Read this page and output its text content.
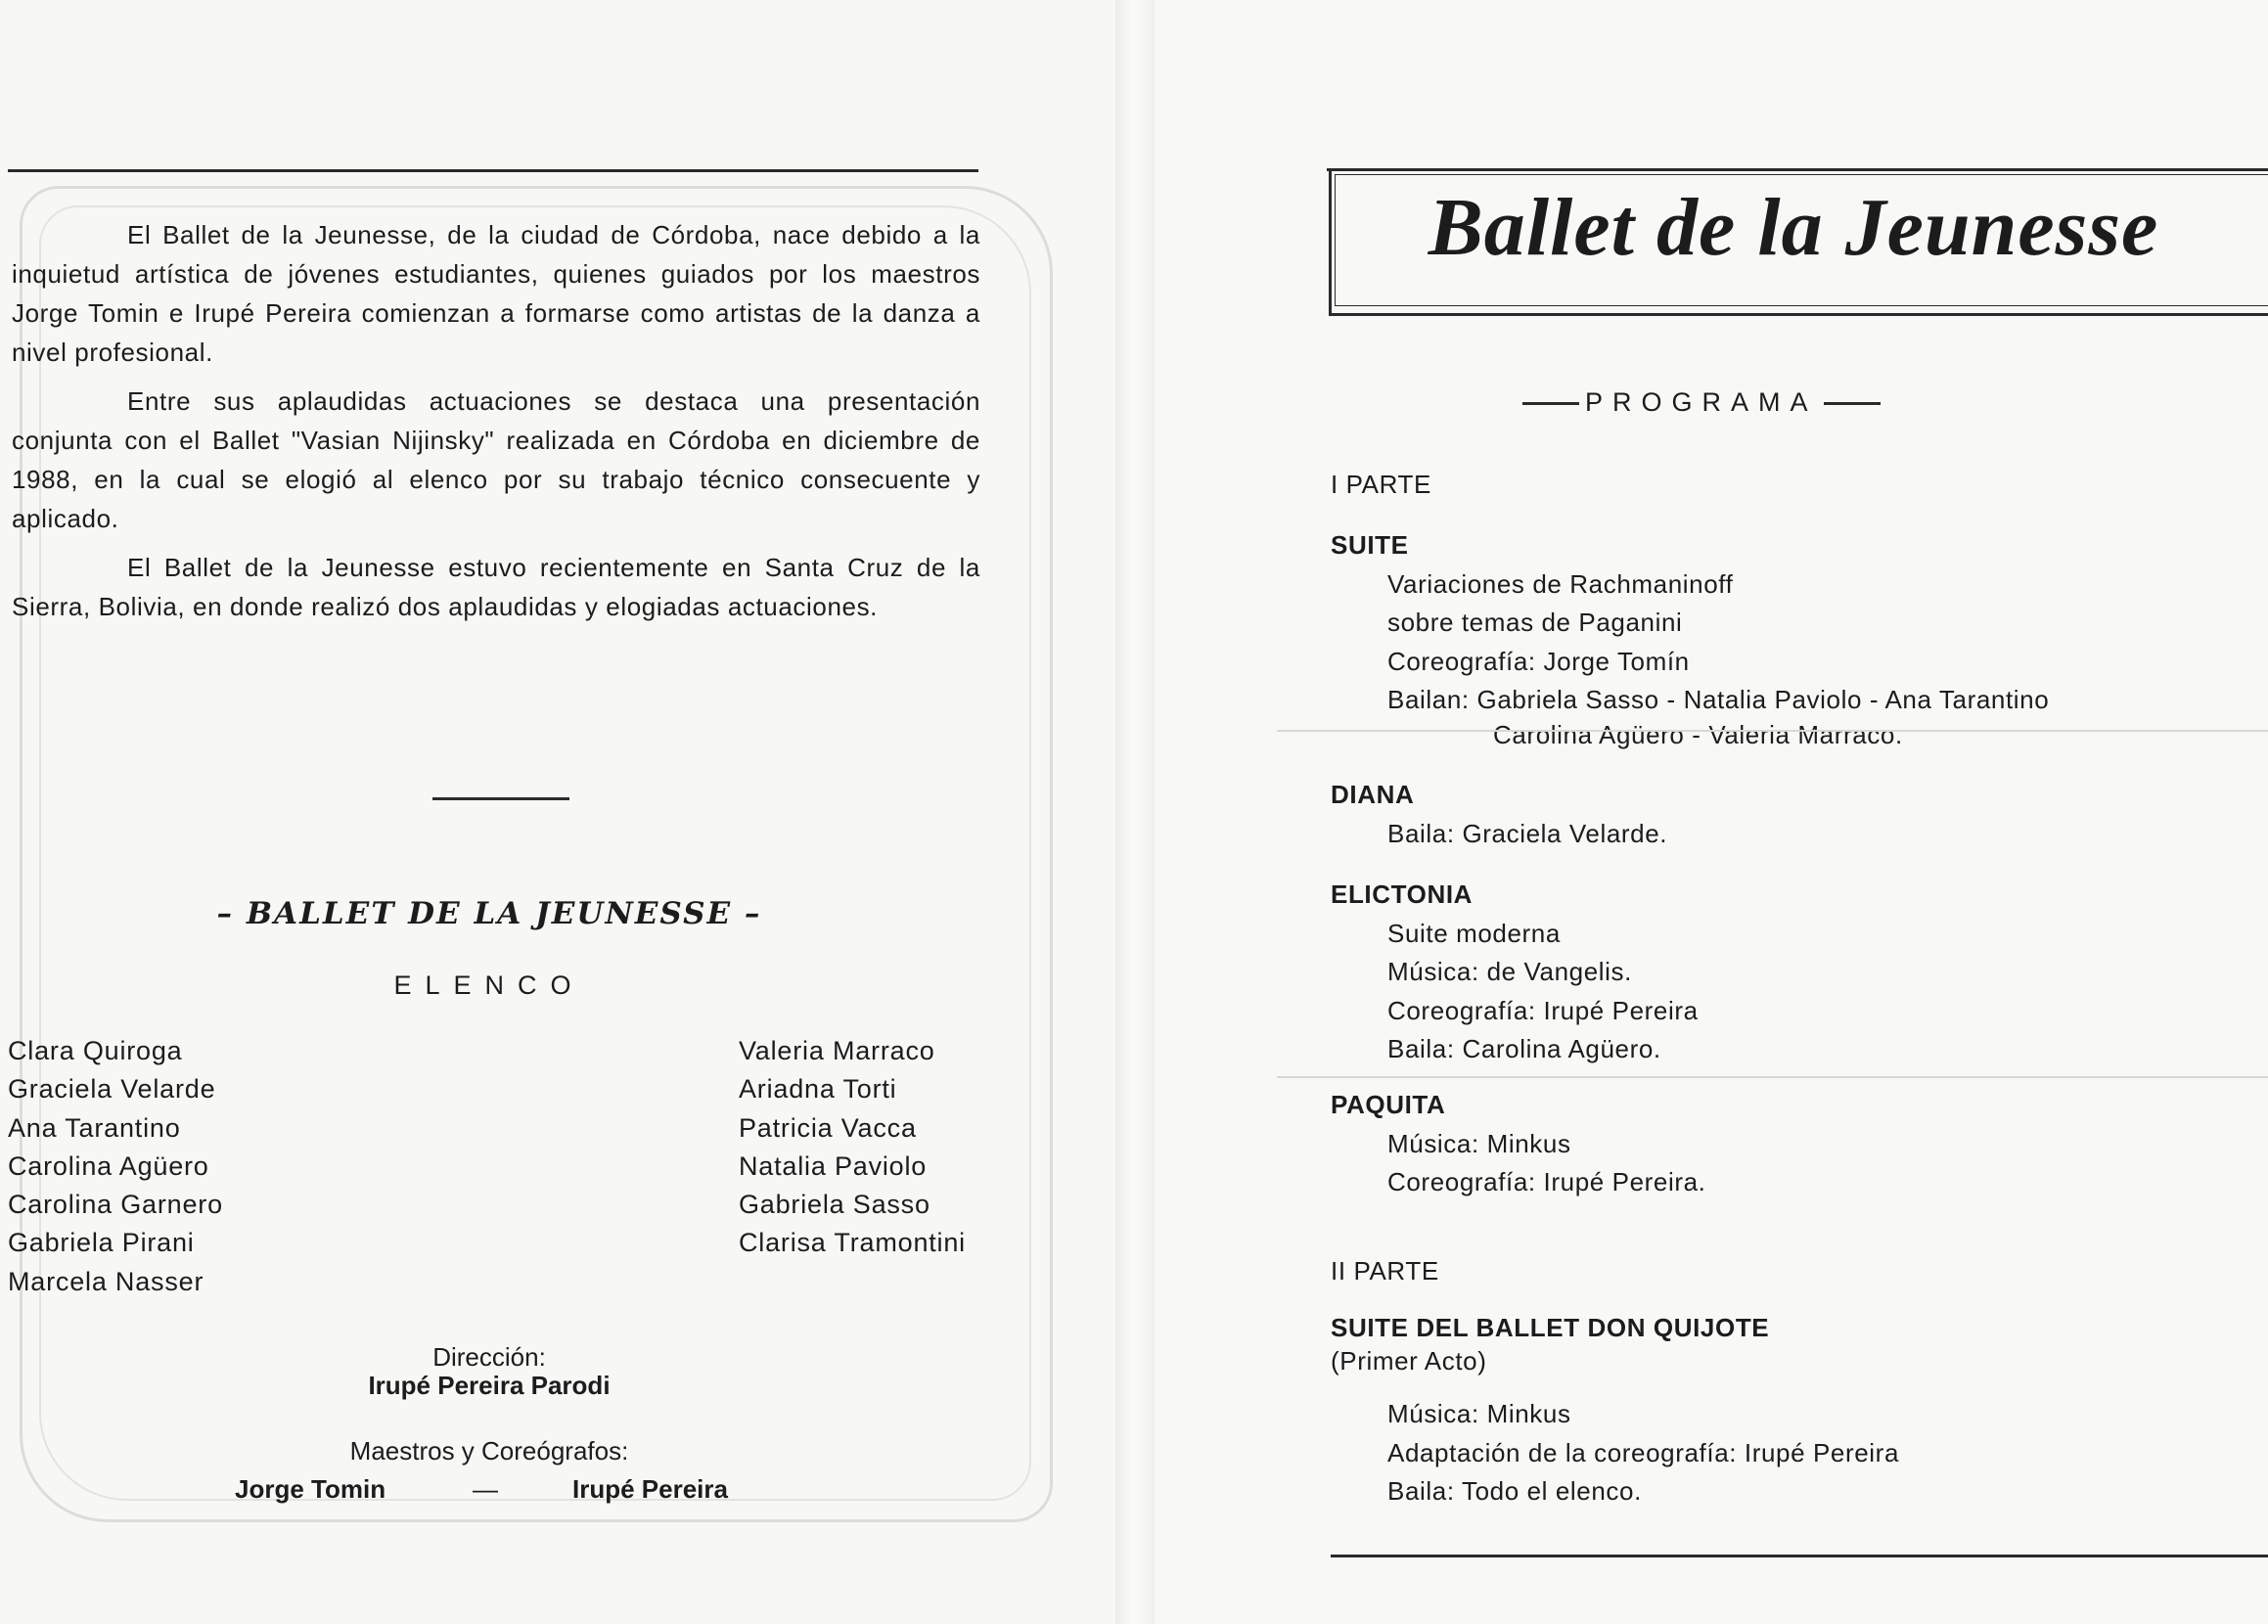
El Ballet de la Jeunesse, de la ciudad de Córdoba, nace debido a la inquietud artística de jóvenes estudiantes, quienes guiados por los maestros Jorge Tomin e Irupé Pereira comienzan a formarse como artistas de la danza a nivel profesional.

Entre sus aplaudidas actuaciones se destaca una presentación conjunta con el Ballet "Vasian Nijinsky" realizada en Córdoba en diciembre de 1988, en la cual se elogió al elenco por su trabajo técnico consecuente y aplicado.

El Ballet de la Jeunesse estuvo recientemente en Santa Cruz de la Sierra, Bolivia, en donde realizó dos aplaudidas y elogiadas actuaciones.

– BALLET DE LA JEUNESSE –
ELENCO
Clara Quiroga
Graciela Velarde
Ana Tarantino
Carolina Agüero
Carolina Garnero
Gabriela Pirani
Marcela Nasser
Valeria Marraco
Ariadna Torti
Patricia Vacca
Natalia Paviolo
Gabriela Sasso
Clarisa Tramontini
Dirección:
Irupé Pereira Parodi
Maestros y Coreógrafos:
Jorge Tomin	—	Irupé Pereira
Ballet de la Jeunesse
PROGRAMA

I PARTE

SUITE

Variaciones de Rachmaninoff

sobre temas de Paganini

Coreografía: Jorge Tomín

Bailan: Gabriela Sasso - Natalia Paviolo - Ana Tarantino

Carolina Agüero - Valeria Marraco.

DIANA

Baila: Graciela Velarde.

ELICTONIA

Suite moderna

Música: de Vangelis.

Coreografía: Irupé Pereira

Baila: Carolina Agüero.

PAQUITA

Música: Minkus

Coreografía: Irupé Pereira.

II PARTE

SUITE DEL BALLET DON QUIJOTE

(Primer Acto)

Música: Minkus

Adaptación de la coreografía: Irupé Pereira

Baila: Todo el elenco.
